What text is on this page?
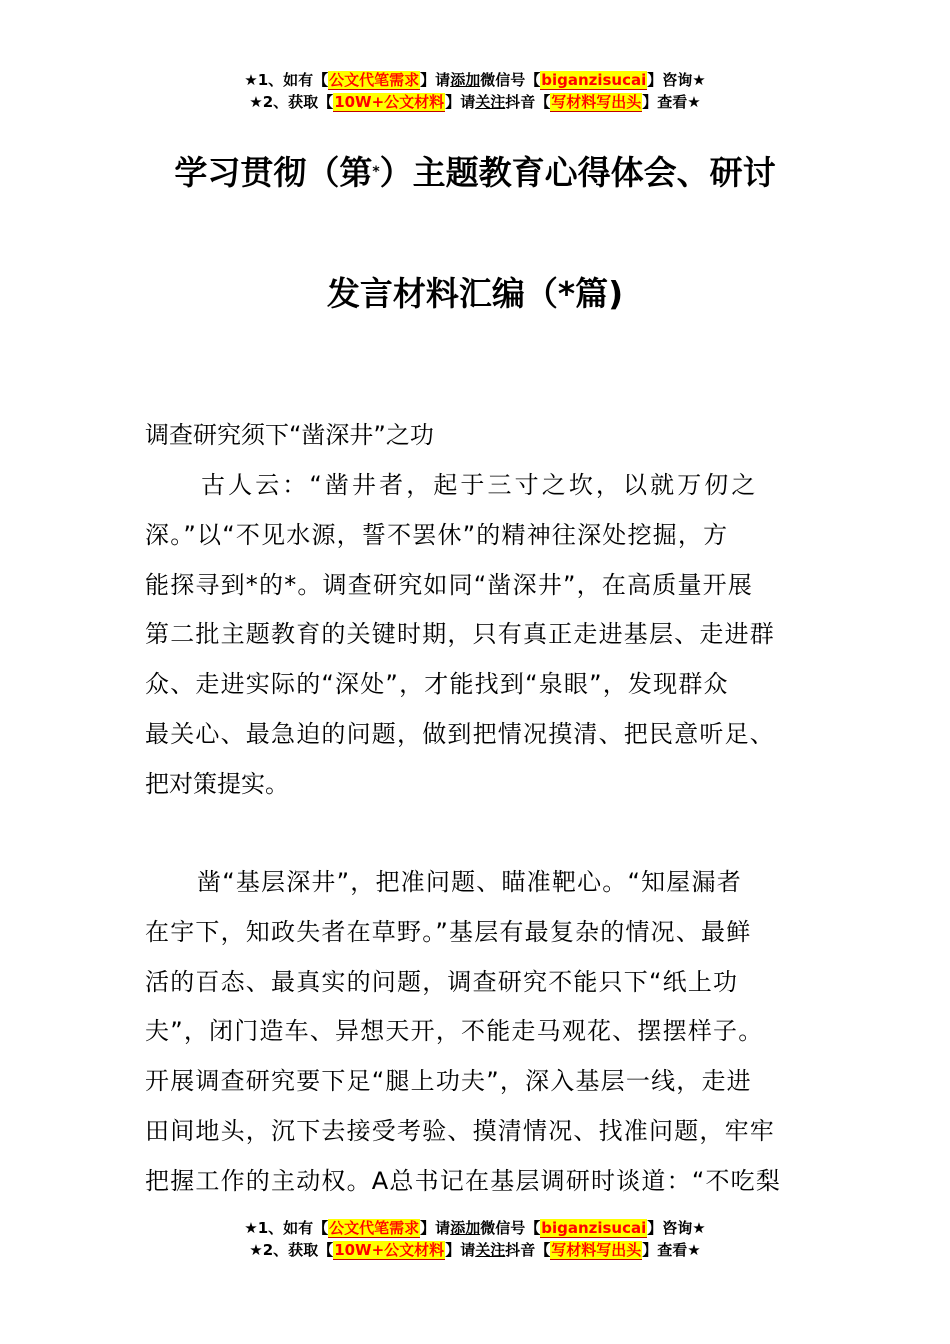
★1、如有【公文代笔需求】请添加微信号【biganzisucai】咨询★
★2、获取【10W+公文材料】请关注抖音【写材料写出头】查看★
学习贯彻（第*）主题教育心得体会、研讨
发言材料汇编（*篇)
调查研究须下“凿深井”之功
古人云：“凿井者，起于三寸之坎，以就万仞之
深。”以“不见水源，誓不罢休”的精神往深处挖掘，方
能探寻到*的*。调查研究如同“凿深井”，在高质量开展
第二批主题教育的关键时期，只有真正走进基层、走进群
众、走进实际的“深处”，才能找到“泉眼”，发现群众
最关心、最急迫的问题，做到把情况摸清、把民意听足、
把对策提实。
凿“基层深井”，把准问题、瞄准靶心。“知屋漏者
在宇下，知政失者在草野。”基层有最复杂的情况、最鲜
活的百态、最真实的问题，调查研究不能只下“纸上功
夫”，闭门造车、异想天开，不能走马观花、摆摆样子。
开展调查研究要下足“腿上功夫”，深入基层一线，走进
田间地头，沉下去接受考验、摸清情况、找准问题，牢牢
把握工作的主动权。A总书记在基层调研时谈道：“不吃梨
★1、如有【公文代笔需求】请添加微信号【biganzisucai】咨询★
★2、获取【10W+公文材料】请关注抖音【写材料写出头】查看★
